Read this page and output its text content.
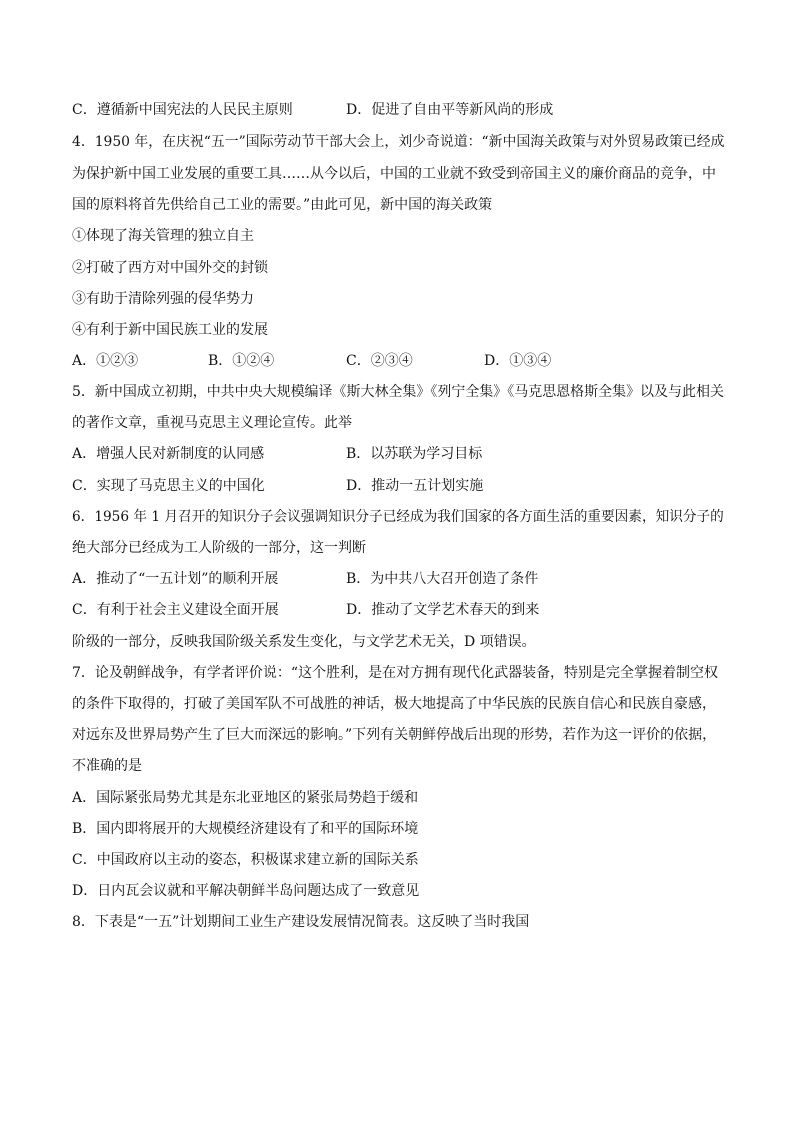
C．遵循新中国宪法的人民民主原则	D．促进了自由平等新风尚的形成
4．1950 年，在庆祝“五一”国际劳动节干部大会上，刘少奇说道：“新中国海关政策与对外贸易政策已经成
为保护新中国工业发展的重要工具……从今以后，中国的工业就不致受到帝国主义的廉价商品的竞争，中
国的原料将首先供给自己工业的需要。”由此可见，新中国的海关政策
①体现了海关管理的独立自主
②打破了西方对中国外交的封锁
③有助于清除列强的侵华势力
④有利于新中国民族工业的发展
A．①②③	B．①②④	C．②③④	D．①③④
5．新中国成立初期，中共中央大规模编译《斯大林全集》《列宁全集》《马克思恩格斯全集》以及与此相关
的著作文章，重视马克思主义理论宣传。此举
A．增强人民对新制度的认同感	B．以苏联为学习目标
C．实现了马克思主义的中国化	D．推动一五计划实施
6．1956 年 1 月召开的知识分子会议强调知识分子已经成为我们国家的各方面生活的重要因素，知识分子的
绝大部分已经成为工人阶级的一部分，这一判断
A．推动了“一五计划”的顺利开展	B．为中共八大召开创造了条件
C．有利于社会主义建设全面开展	D．推动了文学艺术春天的到来
阶级的一部分，反映我国阶级关系发生变化，与文学艺术无关，D 项错误。
7．论及朝鲜战争，有学者评价说：“这个胜利，是在对方拥有现代化武器装备，特别是完全掌握着制空权
的条件下取得的，打破了美国军队不可战胜的神话，极大地提高了中华民族的民族自信心和民族自豪感，
对远东及世界局势产生了巨大而深远的影响。”下列有关朝鲜停战后出现的形势，若作为这一评价的依据，
不准确的是
A．国际紧张局势尤其是东北亚地区的紧张局势趋于缓和
B．国内即将展开的大规模经济建设有了和平的国际环境
C．中国政府以主动的姿态，积极谋求建立新的国际关系
D．日内瓦会议就和平解决朝鲜半岛问题达成了一致意见
8．下表是“一五”计划期间工业生产建设发展情况简表。这反映了当时我国
